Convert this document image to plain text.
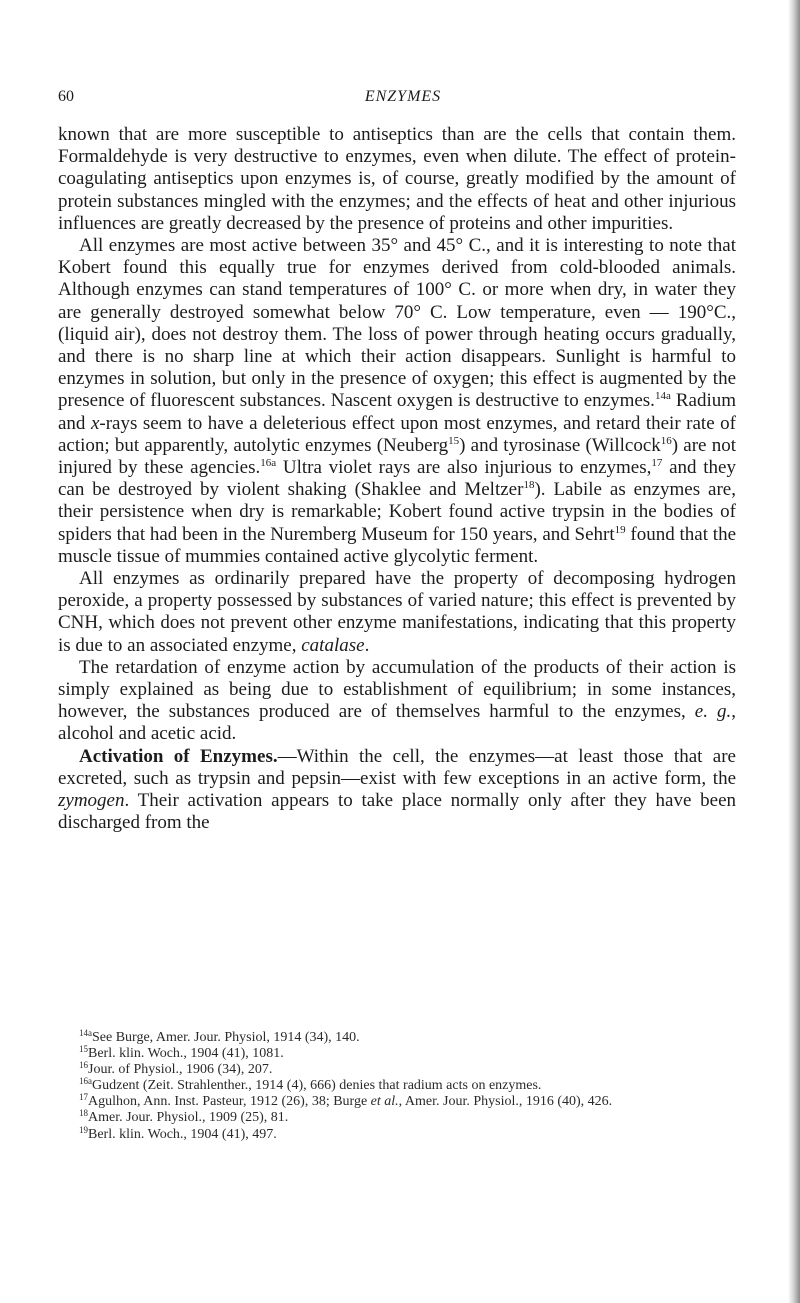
60	ENZYMES

known that are more susceptible to antiseptics than are the cells that contain them. Formaldehyde is very destructive to enzymes, even when dilute. The effect of protein-coagulating antiseptics upon enzymes is, of course, greatly modified by the amount of protein substances mingled with the enzymes; and the effects of heat and other injurious influences are greatly decreased by the presence of proteins and other impurities.

All enzymes are most active between 35° and 45° C., and it is interesting to note that Kobert found this equally true for enzymes derived from cold-blooded animals. Although enzymes can stand temperatures of 100° C. or more when dry, in water they are generally destroyed somewhat below 70° C. Low temperature, even — 190°C., (liquid air), does not destroy them. The loss of power through heating occurs gradually, and there is no sharp line at which their action disappears. Sunlight is harmful to enzymes in solution, but only in the presence of oxygen; this effect is augmented by the presence of fluorescent substances. Nascent oxygen is destructive to enzymes.$^{14a}$ Radium and x-rays seem to have a deleterious effect upon most enzymes, and retard their rate of action; but apparently, autolytic enzymes (Neuberg$^{15}$) and tyrosinase (Willcock$^{16}$) are not injured by these agencies.$^{16a}$ Ultra violet rays are also injurious to enzymes,$^{17}$ and they can be destroyed by violent shaking (Shaklee and Meltzer$^{18}$). Labile as enzymes are, their persistence when dry is remarkable; Kobert found active trypsin in the bodies of spiders that had been in the Nuremberg Museum for 150 years, and Sehrt$^{19}$ found that the muscle tissue of mummies contained active glycolytic ferment.

All enzymes as ordinarily prepared have the property of decomposing hydrogen peroxide, a property possessed by substances of varied nature; this effect is prevented by CNH, which does not prevent other enzyme manifestations, indicating that this property is due to an associated enzyme, catalase.

The retardation of enzyme action by accumulation of the products of their action is simply explained as being due to establishment of equilibrium; in some instances, however, the substances produced are of themselves harmful to the enzymes, e. g., alcohol and acetic acid.

Activation of Enzymes.—Within the cell, the enzymes—at least those that are excreted, such as trypsin and pepsin—exist with few exceptions in an active form, the zymogen. Their activation appears to take place normally only after they have been discharged from the

$^{14a}$See Burge, Amer. Jour. Physiol, 1914 (34), 140.

$^{15}$Berl. klin. Woch., 1904 (41), 1081.

$^{16}$Jour. of Physiol., 1906 (34), 207.

$^{16a}$Gudzent (Zeit. Strahlenther., 1914 (4), 666) denies that radium acts on enzymes.

$^{17}$Agulhon, Ann. Inst. Pasteur, 1912 (26), 38; Burge et al., Amer. Jour. Physiol., 1916 (40), 426.

$^{18}$Amer. Jour. Physiol., 1909 (25), 81.

$^{19}$Berl. klin. Woch., 1904 (41), 497.
